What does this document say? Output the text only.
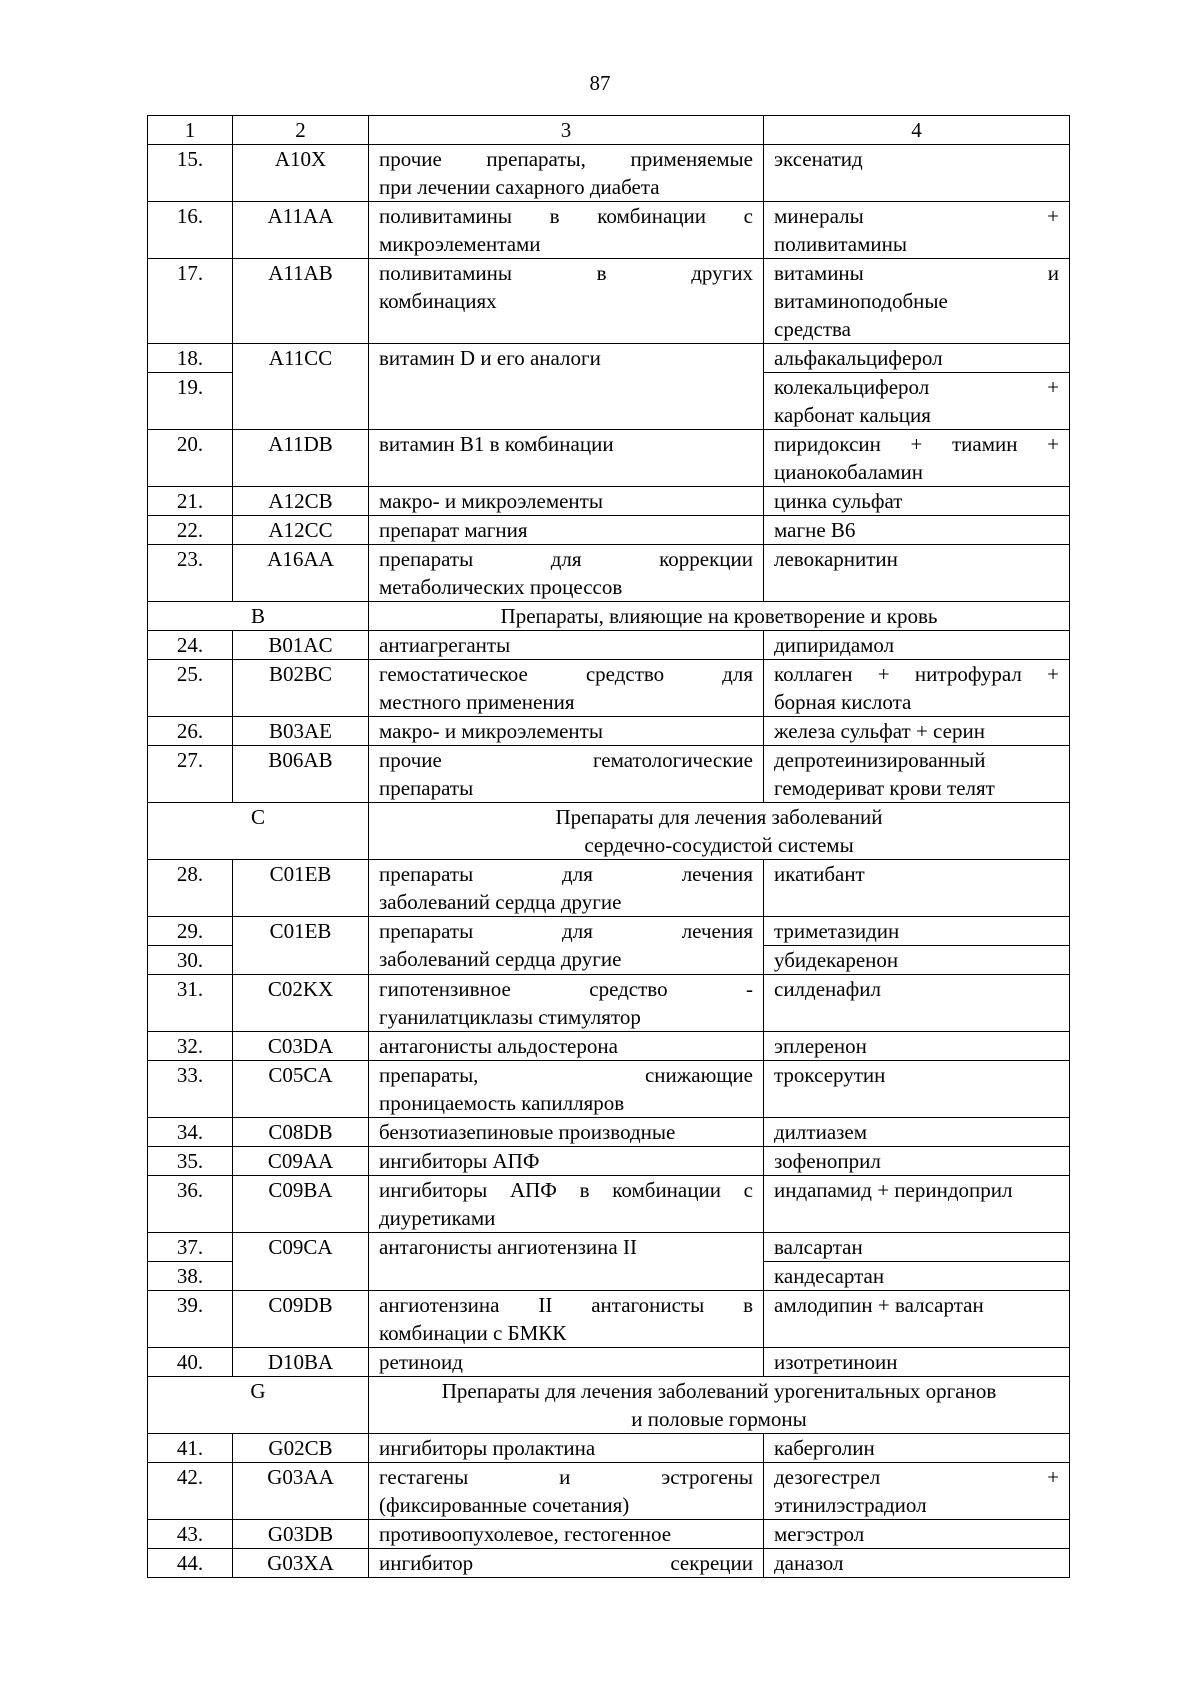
87
1	2	3	4
15.	A10X	прочие препараты, применяемые
при лечении сахарного диабета	эксенатид

16.	A11AA	поливитамины в комбинации с
микроэлементами	минералы +
поливитамины

17.	A11AB	поливитамины в других
комбинациях	витамины и
витаминоподобные
средства

18.	A11CC	витамин D и его аналоги	альфакальциферол

19.			колекальциферол +
карбонат кальция

20.	A11DB	витамин B1 в комбинации	пиридоксин + тиамин +
цианокобаламин

21.	A12CB	макро- и микроэлементы	цинка сульфат

22.	A12CC	препарат магния	магне B6

23.	A16AA	препараты для коррекции
метаболических процессов	левокарнитин

B		Препараты, влияющие на кроветворение и кровь	

24.	B01AC	антиагреганты	дипиридамол

25.	B02BC	гемостатическое средство для
местного применения	коллаген + нитрофурал +
борная кислота

26.	B03AE	макро- и микроэлементы	железа сульфат + серин

27.	B06AB	прочие гематологические
препараты	депротеинизированный
гемодериват крови телят

C		Препараты для лечения заболеваний
сердечно-сосудистой системы	

28.	C01EB	препараты для лечения
заболеваний сердца другие	икатибант

29.	C01EB	препараты для лечения
заболеваний сердца другие	триметазидин

30.			убидекаренон

31.	C02KX	гипотензивное средство -
гуанилатциклазы стимулятор	силденафил

32.	C03DA	антагонисты альдостерона	эплеренон

33.	C05CA	препараты, снижающие
проницаемость капилляров	троксерутин

34.	C08DB	бензотиазепиновые производные	дилтиазем

35.	C09AA	ингибиторы АПФ	зофеноприл

36.	C09BA	ингибиторы АПФ в комбинации с
диуретиками	индапамид + периндоприл

37.	C09CA	антагонисты ангиотензина II	валсартан

38.			кандесартан

39.	C09DB	ангиотензина II антагонисты в
комбинации с БМКК	амлодипин + валсартан

40.	D10BA	ретиноид	изотретиноин

G		Препараты для лечения заболеваний урогенитальных органов
и половые гормоны	

41.	G02CB	ингибиторы пролактина	каберголин

42.	G03AA	гестагены и эстрогены
(фиксированные сочетания)	дезогестрел +
этинилэстрадиол

43.	G03DB	противоопухолевое, гестогенное	мегэстрол

44.	G03XA	ингибитор секреции	даназол
